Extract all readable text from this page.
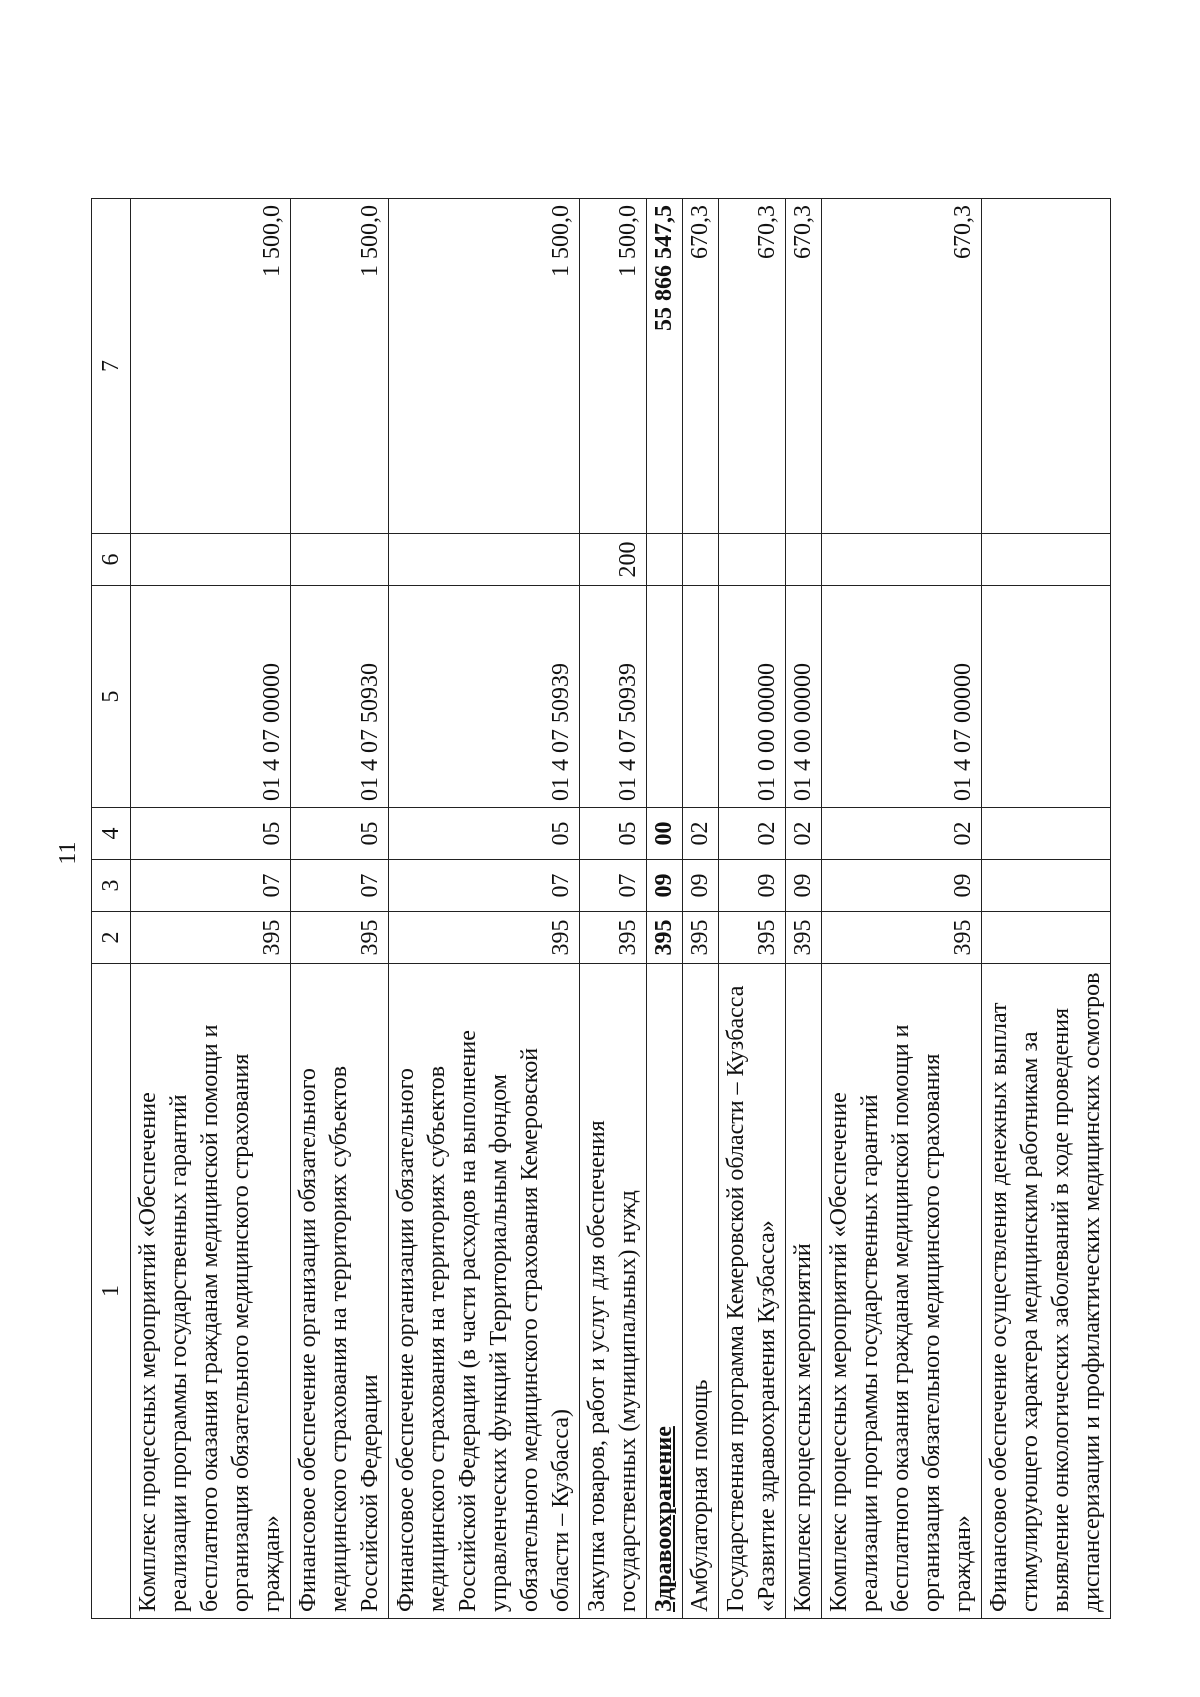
11
1	2	3	4	5	6	7
Комплекс процессных мероприятий «Обеспечение реализации программы государственных гарантий бесплатного оказания гражданам медицинской помощи и организация обязательного медицинского страхования граждан»	395	07	05	01 4 07 00000		1 500,0
Финансовое обеспечение организации обязательного медицинского страхования на территориях субъектов Российской Федерации	395	07	05	01 4 07 50930		1 500,0
Финансовое обеспечение организации обязательного медицинского страхования на территориях субъектов Российской Федерации (в части расходов на выполнение управленческих функций Территориальным фондом обязательного медицинского страхования Кемеровской области – Кузбасса)	395	07	05	01 4 07 50939		1 500,0
Закупка товаров, работ и услуг для обеспечения государственных (муниципальных) нужд	395	07	05	01 4 07 50939	200	1 500,0
Здравоохранение	395	09	00			55 866 547,5
Амбулаторная помощь	395	09	02			670,3
Государственная программа Кемеровской области – Кузбасса «Развитие здравоохранения Кузбасса»	395	09	02	01 0 00 00000		670,3
Комплекс процессных мероприятий	395	09	02	01 4 00 00000		670,3
Комплекс процессных мероприятий «Обеспечение реализации программы государственных гарантий бесплатного оказания гражданам медицинской помощи и организация обязательного медицинского страхования граждан»	395	09	02	01 4 07 00000		670,3
Финансовое обеспечение осуществления денежных выплат стимулирующего характера медицинским работникам за выявление онкологических заболеваний в ходе проведения диспансеризации и профилактических медицинских осмотров						
